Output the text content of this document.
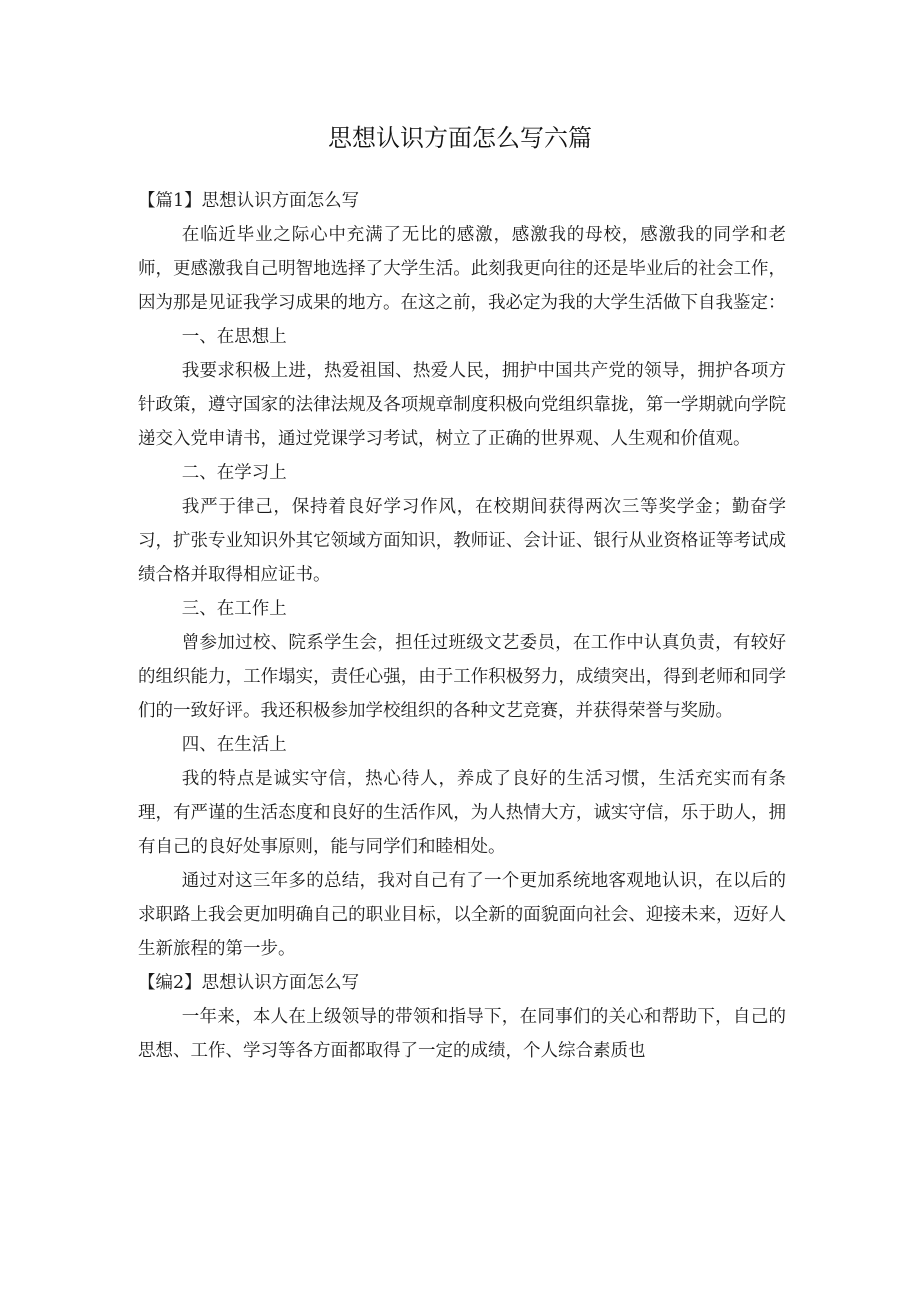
思想认识方面怎么写六篇

【篇1】思想认识方面怎么写

在临近毕业之际心中充满了无比的感激，感激我的母校，感激我的同学和老师，更感激我自己明智地选择了大学生活。此刻我更向往的还是毕业后的社会工作，因为那是见证我学习成果的地方。在这之前，我必定为我的大学生活做下自我鉴定：

一、在思想上

我要求积极上进，热爱祖国、热爱人民，拥护中国共产党的领导，拥护各项方针政策，遵守国家的法律法规及各项规章制度积极向党组织靠拢，第一学期就向学院递交入党申请书，通过党课学习考试，树立了正确的世界观、人生观和价值观。

二、在学习上

我严于律己，保持着良好学习作风，在校期间获得两次三等奖学金；勤奋学习，扩张专业知识外其它领域方面知识，教师证、会计证、银行从业资格证等考试成绩合格并取得相应证书。

三、在工作上

曾参加过校、院系学生会，担任过班级文艺委员，在工作中认真负责，有较好的组织能力，工作塌实，责任心强，由于工作积极努力，成绩突出，得到老师和同学们的一致好评。我还积极参加学校组织的各种文艺竞赛，并获得荣誉与奖励。

四、在生活上

我的特点是诚实守信，热心待人，养成了良好的生活习惯，生活充实而有条理，有严谨的生活态度和良好的生活作风，为人热情大方，诚实守信，乐于助人，拥有自己的良好处事原则，能与同学们和睦相处。

通过对这三年多的总结，我对自己有了一个更加系统地客观地认识，在以后的求职路上我会更加明确自己的职业目标，以全新的面貌面向社会、迎接未来，迈好人生新旅程的第一步。

【编2】思想认识方面怎么写

一年来，本人在上级领导的带领和指导下，在同事们的关心和帮助下，自己的思想、工作、学习等各方面都取得了一定的成绩，个人综合素质也
